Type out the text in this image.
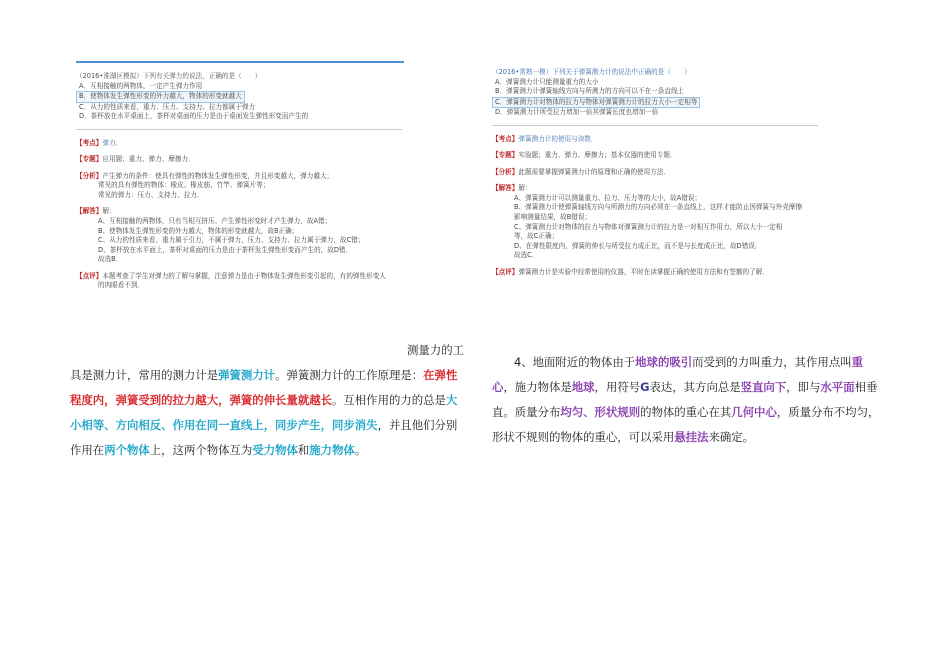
（2016•淮湖区模拟）下列有关弹力的说法，正确的是（　　）
A．互相接触的两物体，一定产生弹力作用
B．使物体发生弹性形变的外力越大，物体的形变就越大
C．从力的性质来看，重力、压力、支持力、拉力都属于弹力
D．茶杯放在水平桌面上，茶杯对桌面的压力是由于桌面发生弹性形变而产生的
【考点】弹力．
【专题】应用题；重力、弹力、摩擦力．
【分析】产生弹力的条件：使具有弹性的物体发生弹性形变，并且形变越大，弹力越大；
常见的具有弹性的物体：橡皮、橡皮筋、竹竿、弹簧片等；
常见的弹力：压力、支持力、拉力．
【解答】解：
A、互相接触的两物体，只有当相互挤压、产生弹性形变时才产生弹力，故A错；
B、使物体发生弹性形变的外力越大，物体的形变就越大，故B正确；
C、从力的性质来看，重力属于引力，不属于弹力，压力、支持力、拉力属于弹力，故C错；
D、茶杯放在水平面上，茶杯对桌面的压力是由于茶杯发生弹性形变而产生的，故D错．
故选B．
【点评】本题考查了学生对弹力的了解与掌握，注意弹力是由于物体发生弹性形变引起的，有的弹性形变人
的肉眼看不到．
（2016•常熟一模）下列关于弹簧测力计的说法中正确的是（　　）
A．弹簧测力计只能测量重力的大小
B．弹簧测力计弹簧轴线方向与所测力的方向可以不在一条直线上
C．弹簧测力计对物体的拉力与物体对弹簧测力计的拉力大小一定相等
D．弹簧测力计所受拉力增加一倍其弹簧长度也增加一倍
【考点】弹簧测力计的使用与读数．
【专题】实验题；重力、弹力、摩擦力；基本仪器的使用专题．
【分析】此题需要掌握弹簧测力计的原理和正确的使用方法．
【解答】解：
A、弹簧测力计可以测量重力、拉力、压力等的大小，故A错误；
B、弹簧测力计使弹簧轴线方向与所测力的方向必须在一条直线上，这样才能防止因弹簧与外壳摩擦
影响测量结果，故B错误；
C、弹簧测力计对物体的拉力与物体对弹簧测力计的拉力是一对相互作用力，所以大小一定相
等，故C正确；
D、在弹性限度内，弹簧的伸长与所受拉力成正比，而不是与长度成正比，故D错误．
故选C．
【点评】弹簧测力计是实验中经常使用的仪器，平时在读掌握正确的使用方法和有签额的了解．
测量力的工
具是测力计，常用的测力计是弹簧测力计。弹簧测力计的工作原理是：在弹性程度内，弹簧受到的拉力越大，弹簧的伸长量就越长。互相作用的力的总是大小相等、方向相反、作用在同一直线上，同步产生，同步消失，并且他们分别作用在两个物体上，这两个物体互为受力物体和施力物体。
4、地面附近的物体由于地球的吸引而受到的力叫重力，其作用点叫重心，施力物体是地球，用符号G表达，其方向总是竖直向下，即与水平面相垂直。质量分布均匀、形状规则的物体的重心在其几何中心，质量分布不均匀，形状不规则的物体的重心，可以采用悬挂法来确定。
